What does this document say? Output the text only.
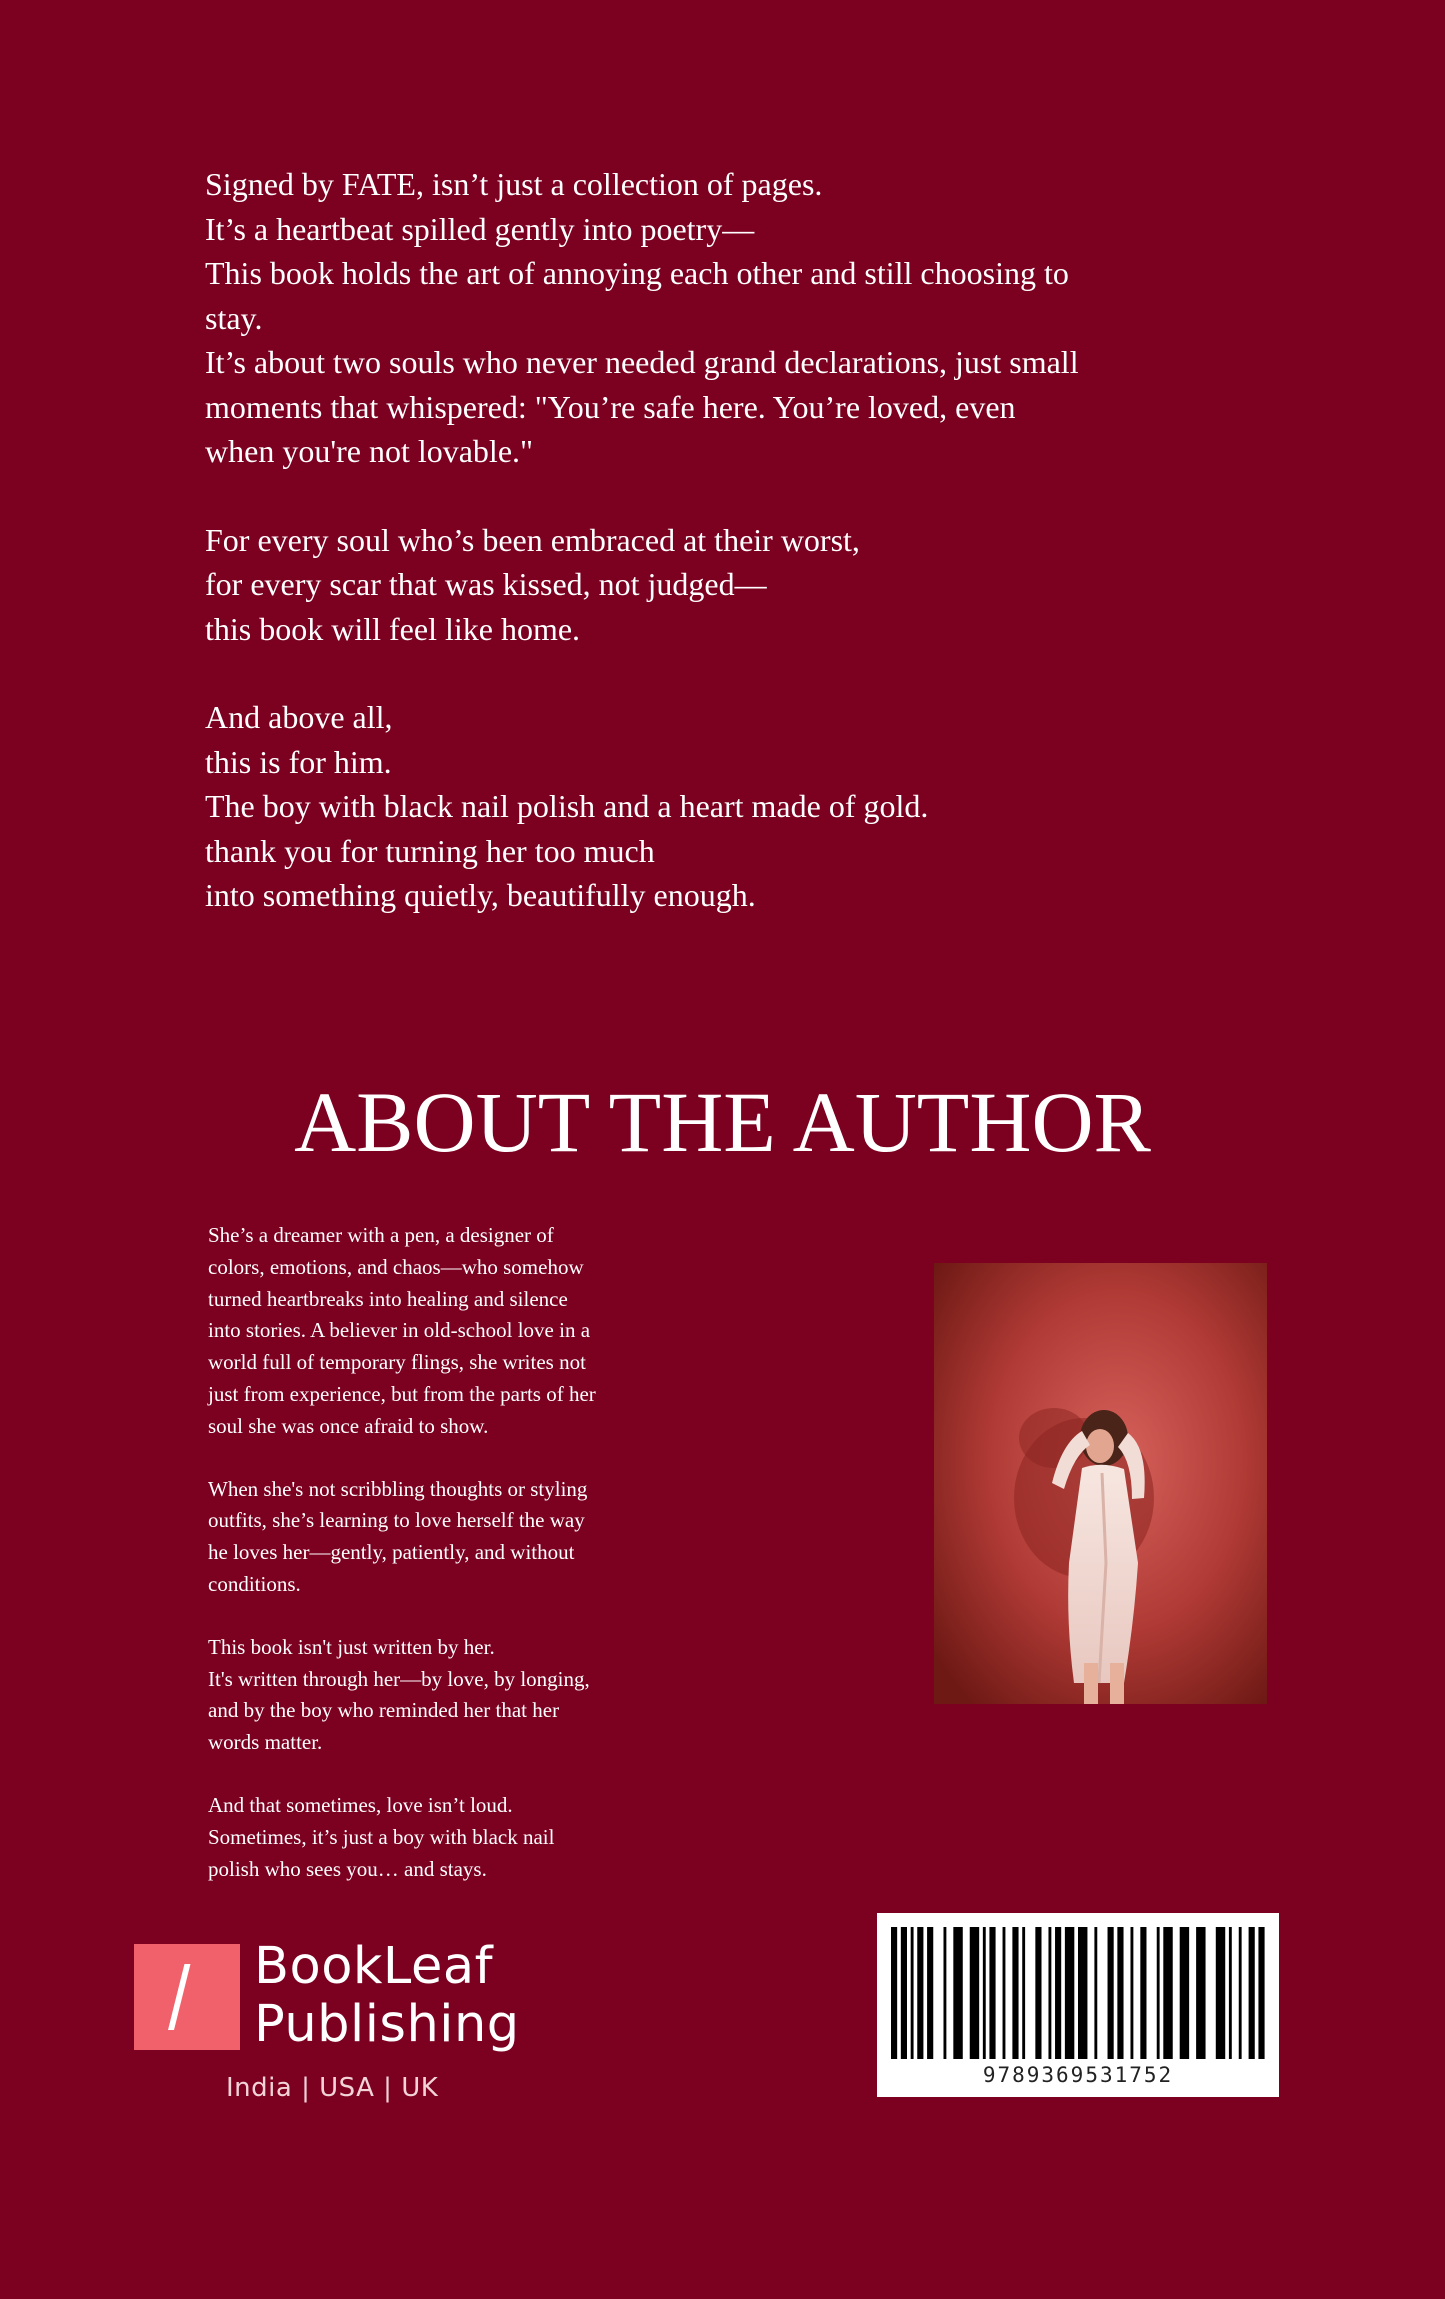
Signed by FATE, isn’t just a collection of pages.
It’s a heartbeat spilled gently into poetry—
This book holds the art of annoying each other and still choosing to
stay.
It’s about two souls who never needed grand declarations, just small
moments that whispered: "You’re safe here. You’re loved, even
when you're not lovable."

For every soul who’s been embraced at their worst,
for every scar that was kissed, not judged—
this book will feel like home.

And above all,
this is for him.
The boy with black nail polish and a heart made of gold.
thank you for turning her too much
into something quietly, beautifully enough.

ABOUT THE AUTHOR

She’s a dreamer with a pen, a designer of
colors, emotions, and chaos—who somehow
turned heartbreaks into healing and silence
into stories. A believer in old-school love in a
world full of temporary flings, she writes not
just from experience, but from the parts of her
soul she was once afraid to show.

When she's not scribbling thoughts or styling
outfits, she’s learning to love herself the way
he loves her—gently, patiently, and without
conditions.

This book isn't just written by her.
It's written through her—by love, by longing,
and by the boy who reminded her that her
words matter.

And that sometimes, love isn’t loud.
Sometimes, it’s just a boy with black nail
polish who sees you… and stays.

BookLeaf
Publishing
India | USA | UK	9789369531752
